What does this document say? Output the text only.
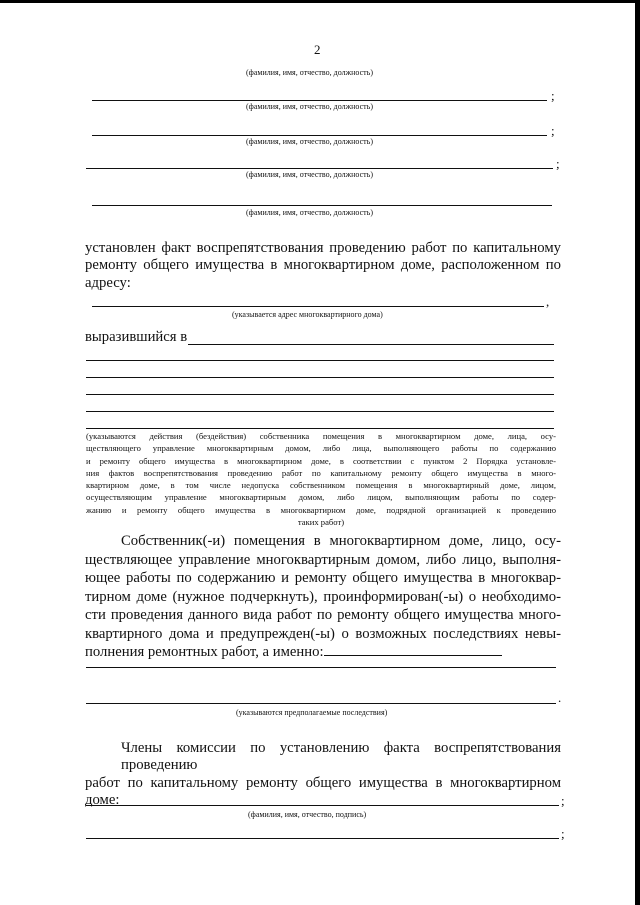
2
(фамилия, имя, отчество, должность)
;
(фамилия, имя, отчество, должность)
;
(фамилия, имя, отчество, должность)
;
(фамилия, имя, отчество, должность)
(фамилия, имя, отчество, должность)
установлен факт воспрепятствования проведению работ по капитальному
ремонту общего имущества в многоквартирном доме, расположенном по
адресу:
,
(указывается адрес многоквартирного дома)
выразившийся в
(указываются действия (бездействия) собственника помещения в многоквартирном доме, лица, осу-
ществляющего управление многоквартирным домом, либо лица, выполняющего работы по содержанию
и ремонту общего имущества в многоквартирном доме, в соответствии с пунктом 2 Порядка установле-
ния фактов воспрепятствования проведению работ по капитальному ремонту общего имущества в много-
квартирном доме, в том числе недопуска собственником помещения в многоквартирный доме, лицом,
осуществляющим управление многоквартирным домом, либо лицом, выполняющим работы по содер-
жанию и ремонту общего имущества в многоквартирном доме, подрядной организацией к проведению
таких работ)
Собственник(-и) помещения в многоквартирном доме, лицо, осу-
ществляющее управление многоквартирным домом, либо лицо, выполня-
ющее работы по содержанию и ремонту общего имущества в многоквар-
тирном доме (нужное подчеркнуть), проинформирован(-ы) о необходимо-
сти проведения данного вида работ по ремонту общего имущества много-
квартирного дома и предупрежден(-ы) о возможных последствиях невы-
полнения ремонтных работ, а именно:
.
(указываются предполагаемые последствия)
Члены комиссии по установлению факта воспрепятствования проведению
работ по капитальному ремонту общего имущества в многоквартирном
доме:	;
(фамилия, имя, отчество, подпись)
;
